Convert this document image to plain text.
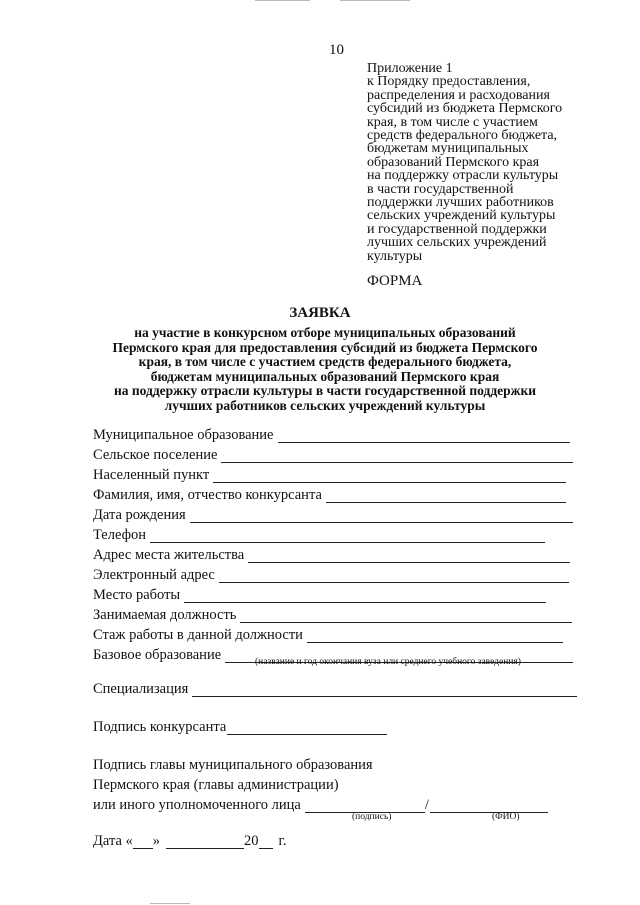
10
Приложение 1
к Порядку предоставления,
распределения и расходования
субсидий из бюджета Пермского
края, в том числе с участием
средств федерального бюджета,
бюджетам муниципальных
образований Пермского края
на поддержку отрасли культуры
в части государственной
поддержки лучших работников
сельских учреждений культуры
и государственной поддержки
лучших сельских учреждений
культуры
ФОРМА
ЗАЯВКА
на участие в конкурсном отборе муниципальных образований
Пермского края для предоставления субсидий из бюджета Пермского
края, в том числе с участием средств федерального бюджета,
бюджетам муниципальных образований Пермского края
на поддержку отрасли культуры в части государственной поддержки
лучших работников сельских учреждений культуры
Муниципальное образование
Сельское поселение
Населенный пункт
Фамилия, имя, отчество конкурсанта
Дата рождения
Телефон
Адрес места жительства
Электронный адрес
Место работы
Занимаемая должность
Стаж работы в данной должности
Базовое образование	(название и год окончания вуза или среднего учебного заведения)
Специализация
Подпись конкурсанта
Подпись главы муниципального образования
Пермского края (главы администрации)
или иного уполномоченного лица	/
(подпись)	(ФИО)
Дата « »	20 г.
